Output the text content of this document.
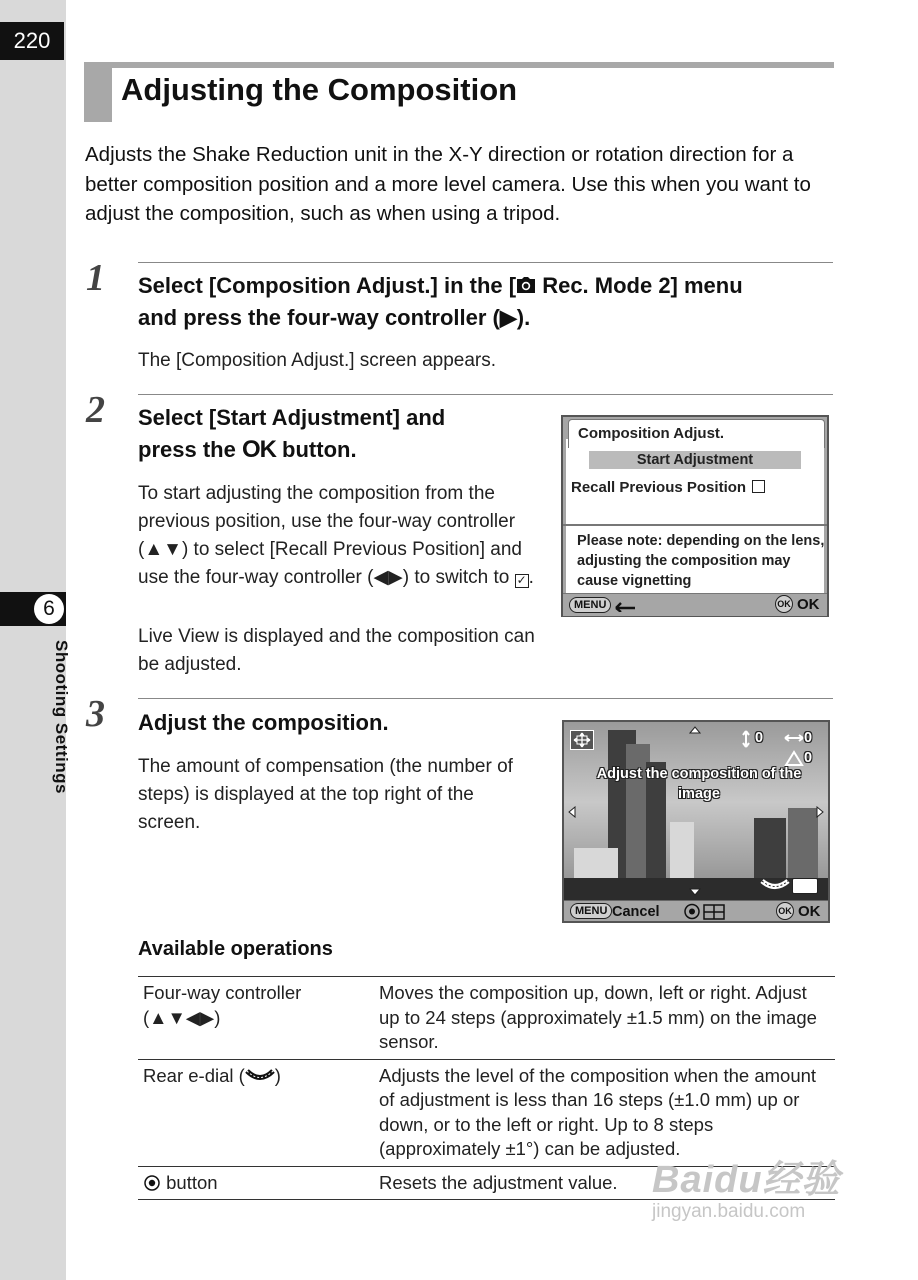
220
6
Shooting Settings
Adjusting the Composition
Adjusts the Shake Reduction unit in the X-Y direction or rotation direction for a better composition position and a more level camera. Use this when you want to adjust the composition, such as when using a tripod.
1 Select [Composition Adjust.] in the [ Rec. Mode 2] menu
and press the four-way controller (▶).
The [Composition Adjust.] screen appears.
2 Select [Start Adjustment] and
press the OK button.
To start adjusting the composition from the previous position, use the four-way controller (▲▼) to select [Recall Previous Position] and use the four-way controller (◀▶) to switch to ✓ .
Live View is displayed and the composition can be adjusted.
Composition Adjust.
Start Adjustment
Recall Previous Position
Please note: depending on the lens, adjusting the composition may cause vignetting
MENU	OK OK
3 Adjust the composition.
The amount of compensation (the number of steps) is displayed at the top right of the screen.
0	0
0
Adjust the composition of the image
MENU Cancel	OK OK
Available operations
Four-way controller (▲▼◀▶)	Moves the composition up, down, left or right. Adjust up to 24 steps (approximately ±1.5 mm) on the image sensor.
Rear e-dial ( )	Adjusts the level of the composition when the amount of adjustment is less than 16 steps (±1.0 mm) up or down, or to the left or right. Up to 8 steps (approximately ±1°) can be adjusted.
button	Resets the adjustment value. Baidu经验
jingyan.baidu.com
